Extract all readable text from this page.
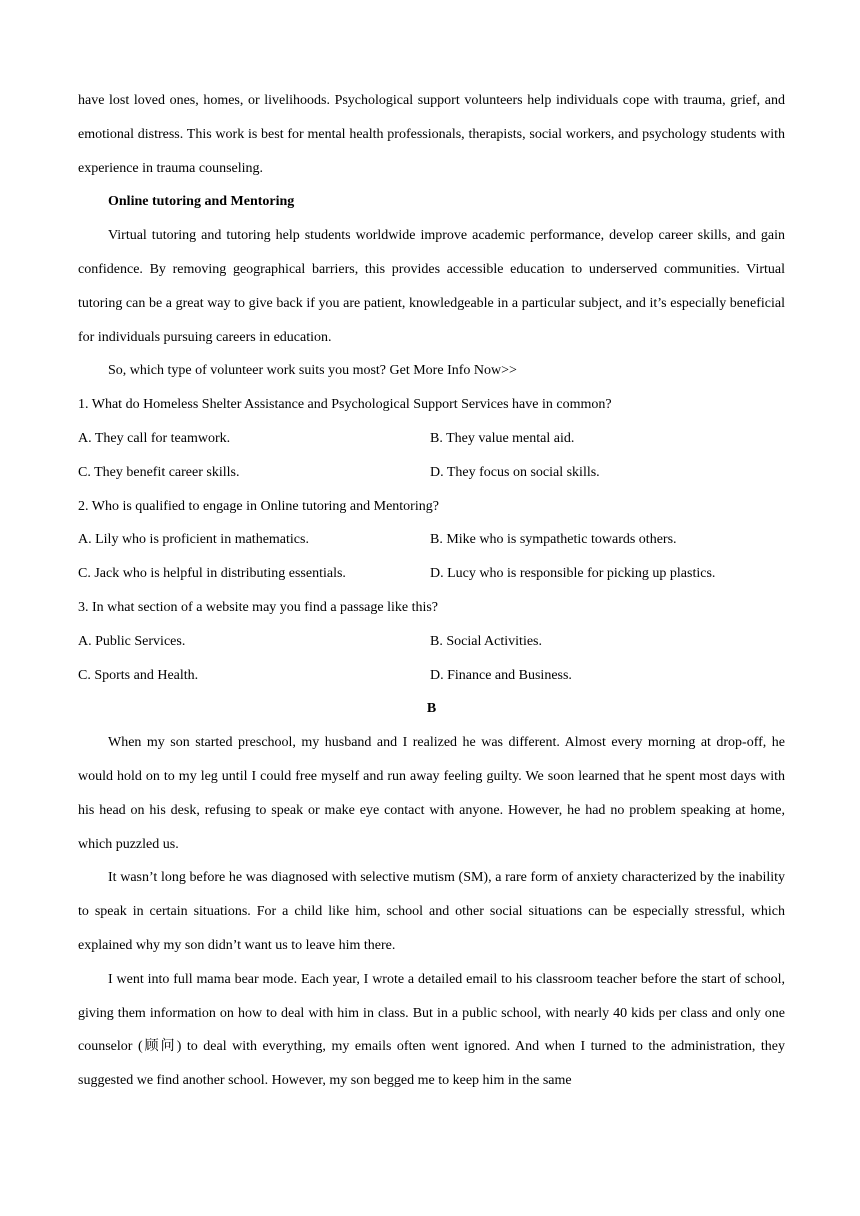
have lost loved ones, homes, or livelihoods. Psychological support volunteers help individuals cope with trauma, grief, and emotional distress. This work is best for mental health professionals, therapists, social workers, and psychology students with experience in trauma counseling.
Online tutoring and Mentoring
Virtual tutoring and tutoring help students worldwide improve academic performance, develop career skills, and gain confidence. By removing geographical barriers, this provides accessible education to underserved communities. Virtual tutoring can be a great way to give back if you are patient, knowledgeable in a particular subject, and it’s especially beneficial for individuals pursuing careers in education.
So, which type of volunteer work suits you most? Get More Info Now>>
1. What do Homeless Shelter Assistance and Psychological Support Services have in common?
A. They call for teamwork.	B. They value mental aid.
C. They benefit career skills.	D. They focus on social skills.
2. Who is qualified to engage in Online tutoring and Mentoring?
A. Lily who is proficient in mathematics.	B. Mike who is sympathetic towards others.
C. Jack who is helpful in distributing essentials.	D. Lucy who is responsible for picking up plastics.
3. In what section of a website may you find a passage like this?
A. Public Services.	B. Social Activities.
C. Sports and Health.	D. Finance and Business.
B
When my son started preschool, my husband and I realized he was different. Almost every morning at drop-off, he would hold on to my leg until I could free myself and run away feeling guilty. We soon learned that he spent most days with his head on his desk, refusing to speak or make eye contact with anyone. However, he had no problem speaking at home, which puzzled us.
It wasn’t long before he was diagnosed with selective mutism (SM), a rare form of anxiety characterized by the inability to speak in certain situations. For a child like him, school and other social situations can be especially stressful, which explained why my son didn’t want us to leave him there.
I went into full mama bear mode. Each year, I wrote a detailed email to his classroom teacher before the start of school, giving them information on how to deal with him in class. But in a public school, with nearly 40 kids per class and only one counselor (顾问) to deal with everything, my emails often went ignored. And when I turned to the administration, they suggested we find another school. However, my son begged me to keep him in the same
